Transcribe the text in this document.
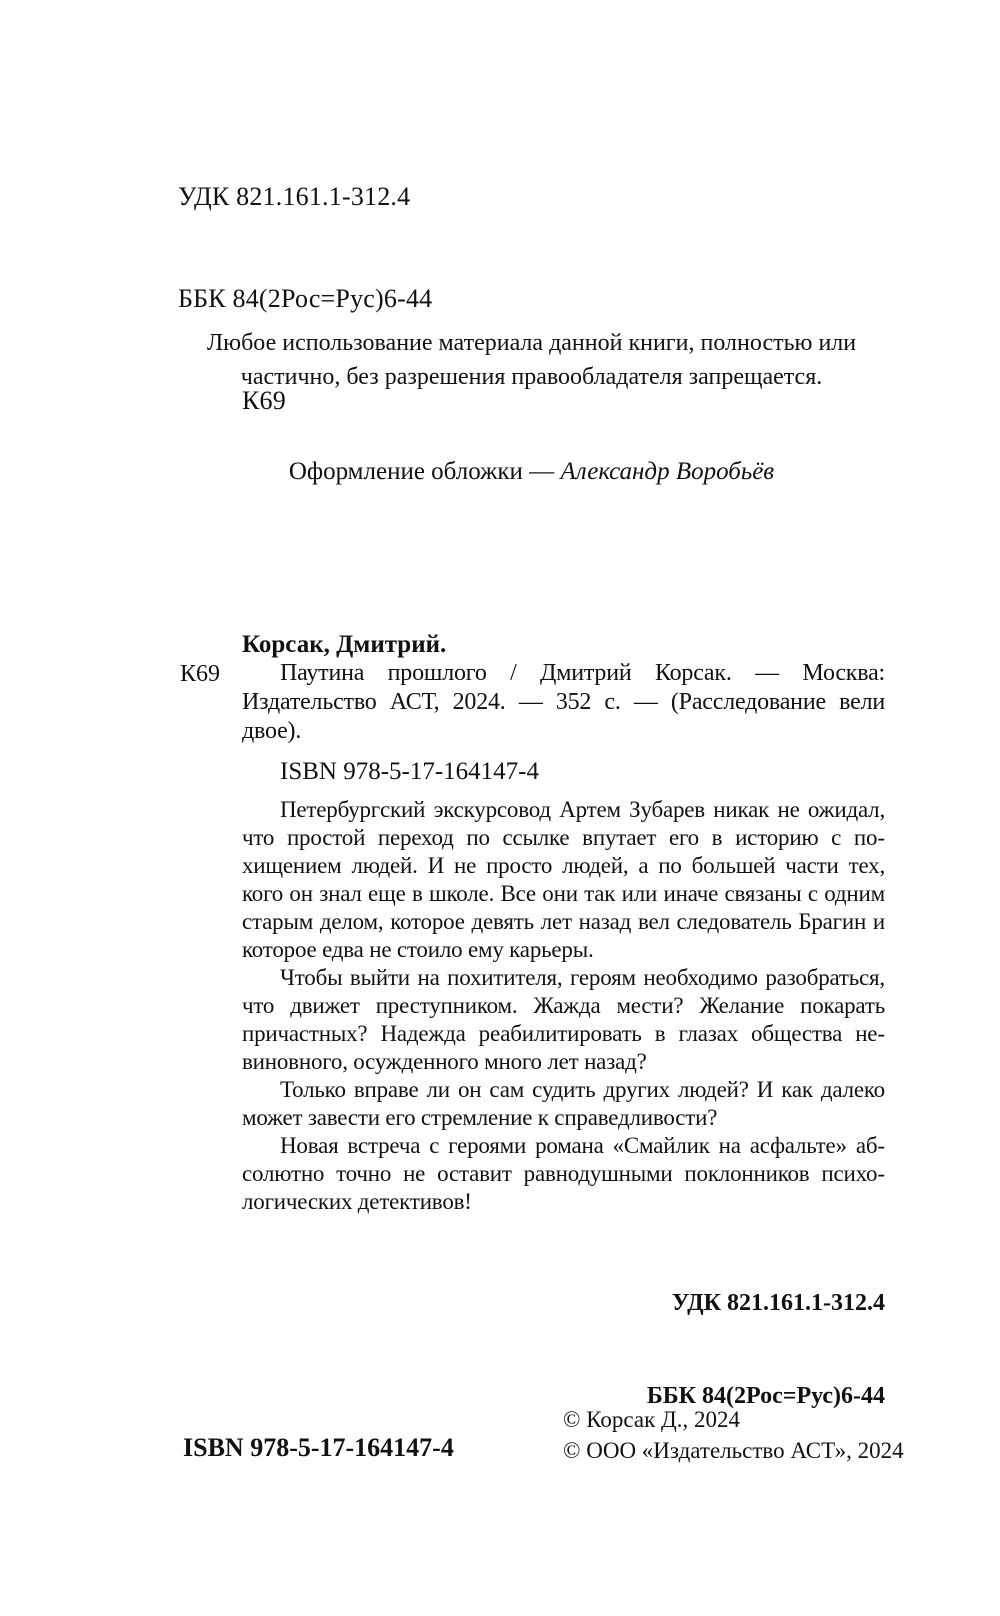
УДК 821.161.1-312.4

ББК 84(2Рос=Рус)6-44

К69

Любое использование материала данной книги, полностью или частично, без разрешения правообладателя запрещается.
Оформление обложки — Александр Воробьёв
К69
Корсак, Дмитрий.

Паутина прошлого / Дмитрий Корсак. — Москва: Издательство АСТ, 2024. — 352 с. — (Расследование вели двое).

ISBN 978-5-17-164147-4

Петербургский экскурсовод Артем Зубарев никак не ожидал, что простой переход по ссылке впутает его в историю с похищением людей. И не просто людей, а по большей части тех, кого он знал еще в школе. Все они так или иначе связаны с одним старым делом, которое девять лет назад вел следователь Брагин и которое едва не стоило ему карьеры.

Чтобы выйти на похитителя, героям необходимо разобраться, что движет преступником. Жажда мести? Желание покарать причастных? Надежда реабилитировать в глазах общества невиновного, осужденного много лет назад?

Только вправе ли он сам судить других людей? И как далеко может завести его стремление к справедливости?

Новая встреча с героями романа «Смайлик на асфальте» абсолютно точно не оставит равнодушными поклонников психологических детективов!

УДК 821.161.1-312.4

ББК 84(2Рос=Рус)6-44

ISBN 978-5-17-164147-4
© Корсак Д., 2024
© ООО «Издательство АСТ», 2024
